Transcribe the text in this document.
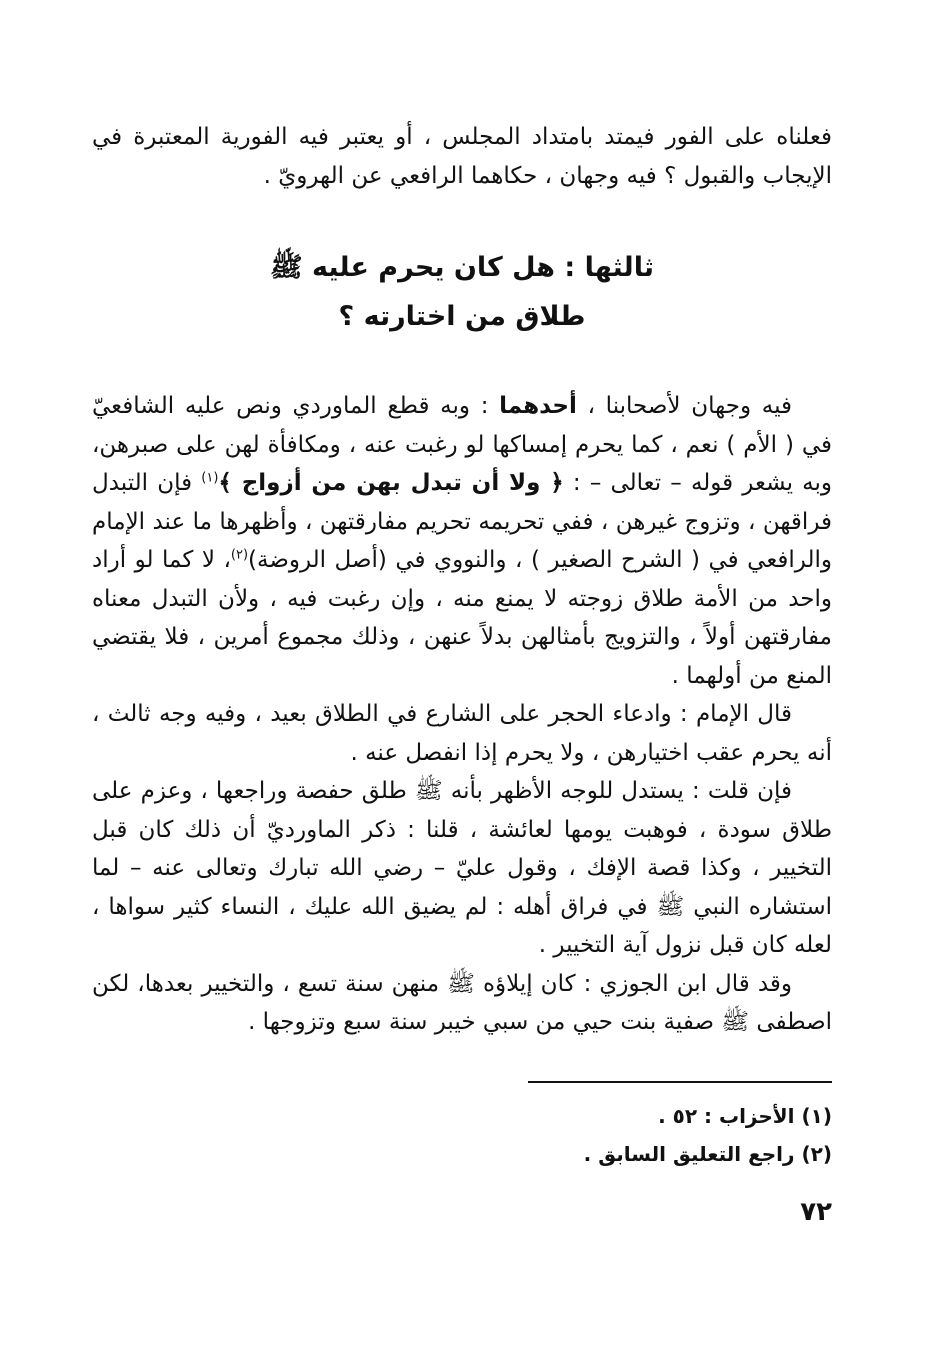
فعلناه على الفور فيمتد بامتداد المجلس ، أو يعتبر فيه الفورية المعتبرة في الإيجاب والقبول ؟ فيه وجهان ، حكاهما الرافعي عن الهرويّ .

ثالثها : هل كان يحرم عليه ﷺ
طلاق من اختارته ؟

فيه وجهان لأصحابنا ، أحدهما : وبه قطع الماوردي ونص عليه الشافعيّ في ( الأم ) نعم ، كما يحرم إمساكها لو رغبت عنه ، ومكافأة لهن على صبرهن، وبه يشعر قوله – تعالى – : ﴿ ولا أن تبدل بهن من أزواج ﴾$^{(١)}$ فإن التبدل فراقهن ، وتزوج غيرهن ، ففي تحريمه تحريم مفارقتهن ، وأظهرها ما عند الإمام والرافعي في ( الشرح الصغير ) ، والنووي في (أصل الروضة)$^{(٢)}$، لا كما لو أراد واحد من الأمة طلاق زوجته لا يمنع منه ، وإن رغبت فيه ، ولأن التبدل معناه مفارقتهن أولاً ، والتزويج بأمثالهن بدلاً عنهن ، وذلك مجموع أمرين ، فلا يقتضي المنع من أولهما .

قال الإمام : وادعاء الحجر على الشارع في الطلاق بعيد ، وفيه وجه ثالث ، أنه يحرم عقب اختيارهن ، ولا يحرم إذا انفصل عنه .

فإن قلت : يستدل للوجه الأظهر بأنه ﷺ طلق حفصة وراجعها ، وعزم على طلاق سودة ، فوهبت يومها لعائشة ، قلنا : ذكر الماورديّ أن ذلك كان قبل التخيير ، وكذا قصة الإفك ، وقول عليّ – رضي الله تبارك وتعالى عنه – لما استشاره النبي ﷺ في فراق أهله : لم يضيق الله عليك ، النساء كثير سواها ، لعله كان قبل نزول آية التخيير .

وقد قال ابن الجوزي : كان إيلاؤه ﷺ منهن سنة تسع ، والتخيير بعدها، لكن اصطفى ﷺ صفية بنت حيي من سبي خيبر سنة سبع وتزوجها .

(١) الأحزاب : ٥٢ .
(٢) راجع التعليق السابق .
٧٢
